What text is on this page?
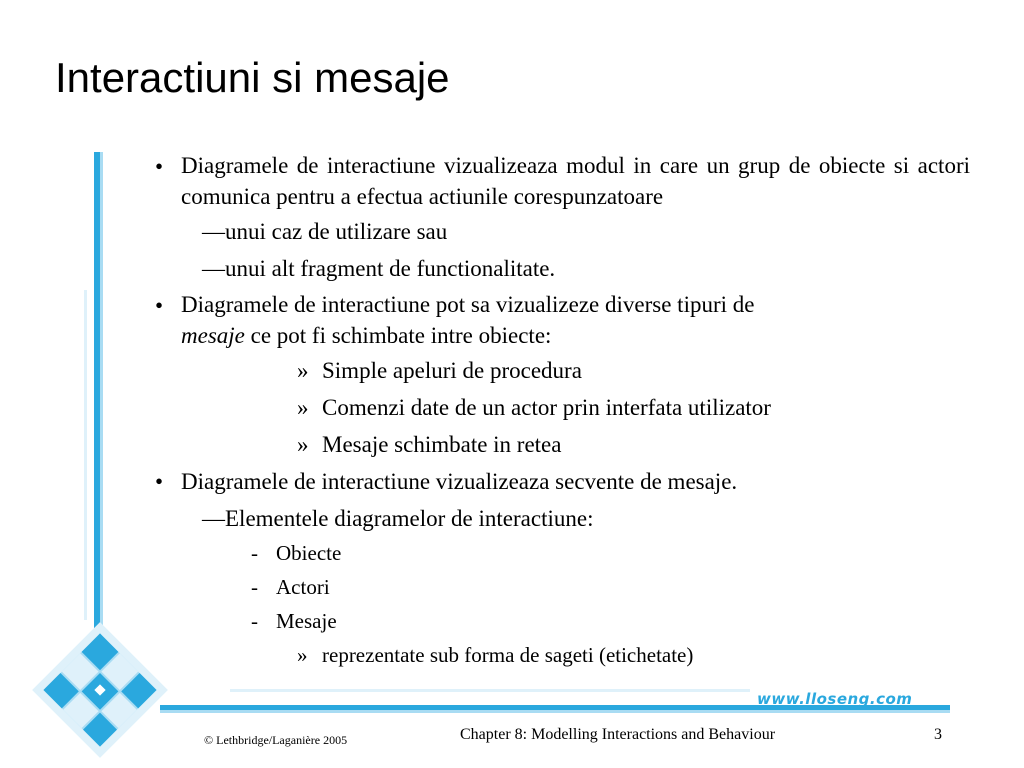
Interactiuni si mesaje
• Diagramele de interactiune vizualizeaza modul in care un grup de obiecte si actori comunica pentru a efectua actiunile corespunzatoare
—unui caz de utilizare sau
—unui alt fragment de functionalitate.
• Diagramele de interactiune pot sa vizualizeze diverse tipuri de
mesaje ce pot fi schimbate intre obiecte:
» Simple apeluri de procedura
» Comenzi date de un actor prin interfata utilizator
» Mesaje schimbate in retea
• Diagramele de interactiune vizualizeaza secvente de mesaje.
—Elementele diagramelor de interactiune:
- Obiecte
- Actori
- Mesaje
» reprezentate sub forma de sageti (etichetate)
www.lloseng.com
© Lethbridge/Laganière 2005	Chapter 8: Modelling Interactions and Behaviour	3
